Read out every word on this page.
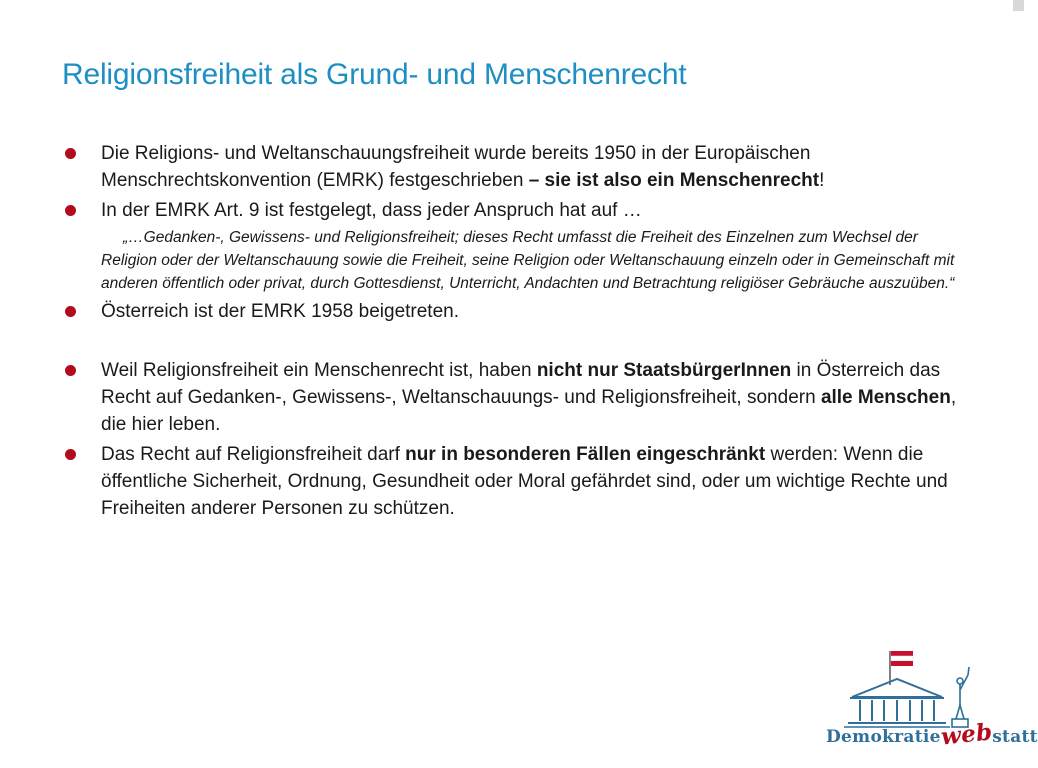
Religionsfreiheit als Grund- und Menschenrecht
Die Religions- und Weltanschauungsfreiheit wurde bereits 1950 in der Europäischen Menschrechtskonvention (EMRK) festgeschrieben – sie ist also ein Menschenrecht!
In der EMRK Art. 9 ist festgelegt, dass jeder Anspruch hat auf …
„…Gedanken-, Gewissens- und Religionsfreiheit; dieses Recht umfasst die Freiheit des Einzelnen zum Wechsel der Religion oder der Weltanschauung sowie die Freiheit, seine Religion oder Weltanschauung einzeln oder in Gemeinschaft mit anderen öffentlich oder privat, durch Gottesdienst, Unterricht, Andachten und Betrachtung religiöser Gebräuche auszuüben.“
Österreich ist der EMRK 1958 beigetreten.
Weil Religionsfreiheit ein Menschenrecht ist, haben nicht nur StaatsbürgerInnen in Österreich das Recht auf Gedanken-, Gewissens-, Weltanschauungs- und Religionsfreiheit, sondern alle Menschen, die hier leben.
Das Recht auf Religionsfreiheit darf nur in besonderen Fällen eingeschränkt werden: Wenn die öffentliche Sicherheit, Ordnung, Gesundheit oder Moral gefährdet sind, oder um wichtige Rechte und Freiheiten anderer Personen zu schützen.
Demokratiewebstatt
